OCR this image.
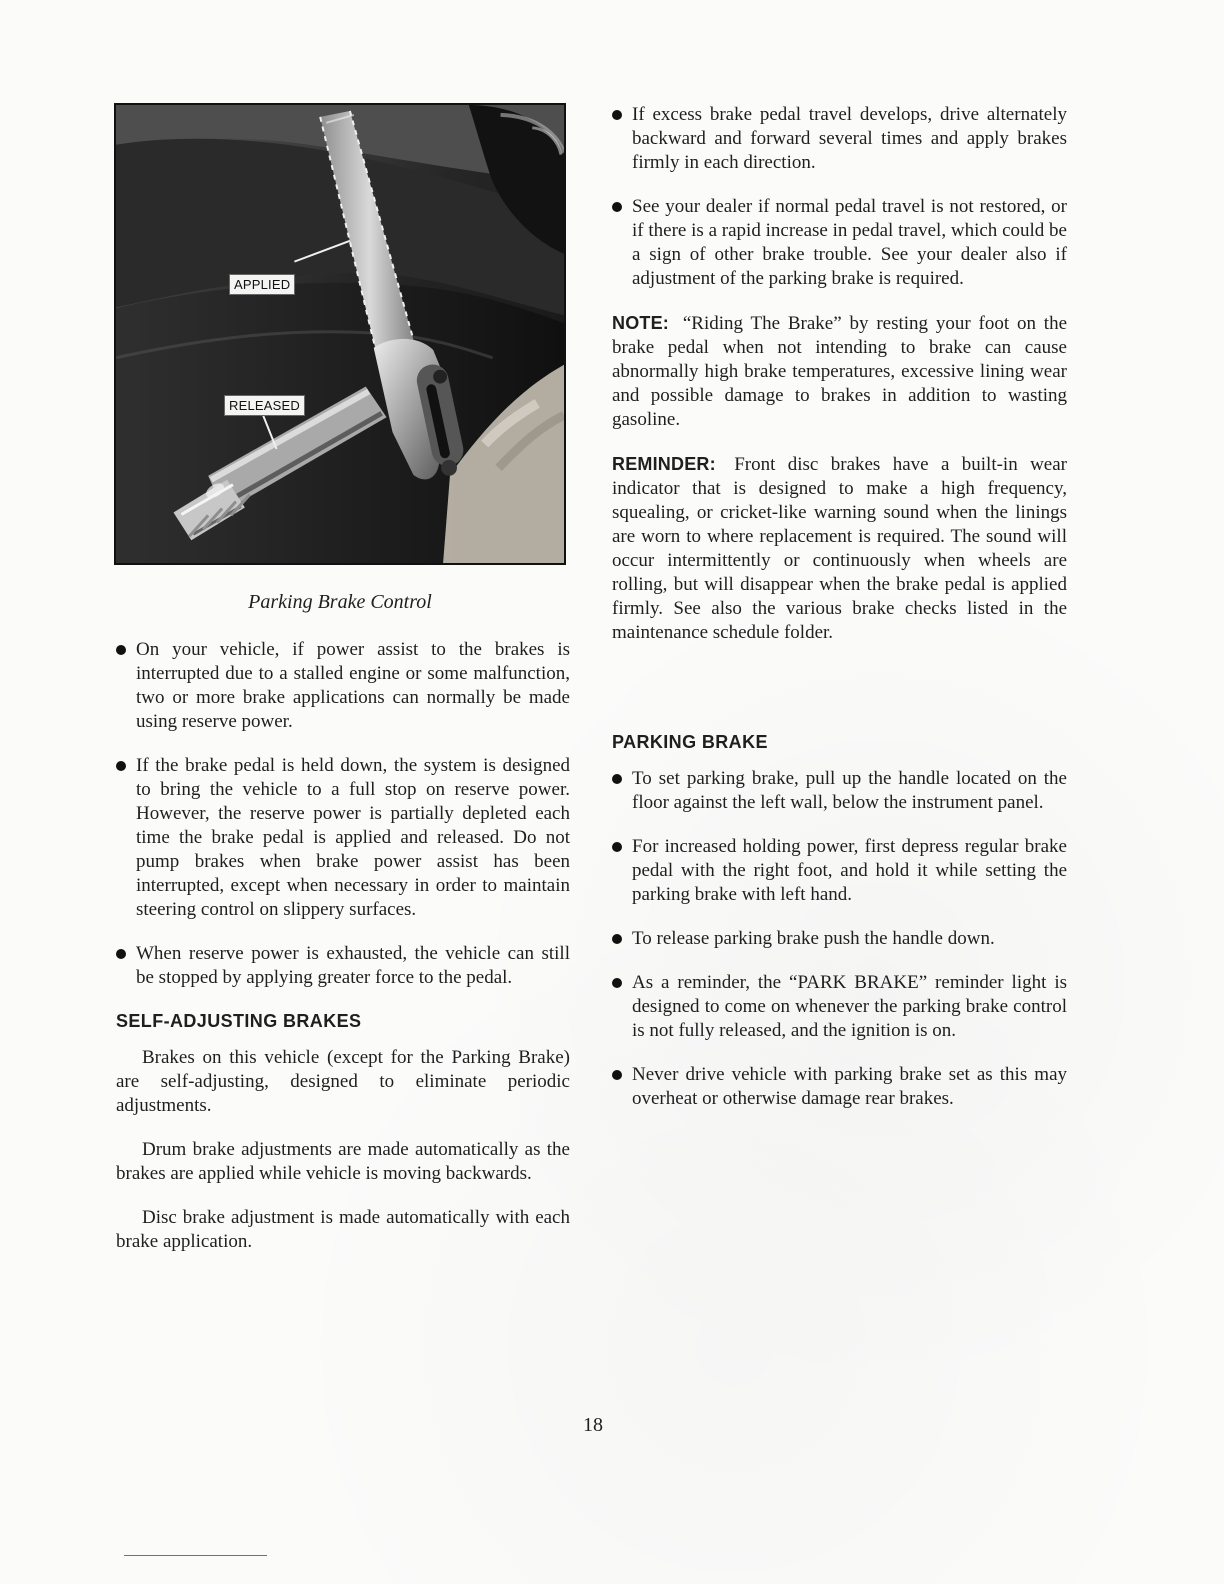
APPLIED
RELEASED
Parking Brake Control
On your vehicle, if power assist to the brakes is interrupted due to a stalled engine or some malfunction, two or more brake applications can normally be made using reserve power.
If the brake pedal is held down, the system is designed to bring the vehicle to a full stop on reserve power. However, the reserve power is partially depleted each time the brake pedal is applied and released. Do not pump brakes when brake power assist has been interrupted, except when necessary in order to maintain steering control on slippery surfaces.
When reserve power is exhausted, the vehicle can still be stopped by applying greater force to the pedal.
SELF-ADJUSTING BRAKES
Brakes on this vehicle (except for the Parking Brake) are self-adjusting, designed to eliminate periodic adjustments.
Drum brake adjustments are made automatically as the brakes are applied while vehicle is moving backwards.
Disc brake adjustment is made automatically with each brake application.
If excess brake pedal travel develops, drive alternately backward and forward several times and apply brakes firmly in each direction.
See your dealer if normal pedal travel is not restored, or if there is a rapid increase in pedal travel, which could be a sign of other brake trouble. See your dealer also if adjustment of the parking brake is required.
NOTE: “Riding The Brake” by resting your foot on the brake pedal when not intending to brake can cause abnormally high brake temperatures, excessive lining wear and possible damage to brakes in addition to wasting gasoline.
REMINDER: Front disc brakes have a built-in wear indicator that is designed to make a high frequency, squealing, or cricket-like warning sound when the linings are worn to where replacement is required. The sound will occur intermittently or continuously when wheels are rolling, but will disappear when the brake pedal is applied firmly. See also the various brake checks listed in the maintenance schedule folder.
PARKING BRAKE
To set parking brake, pull up the handle located on the floor against the left wall, below the instrument panel.
For increased holding power, first depress regular brake pedal with the right foot, and hold it while setting the parking brake with left hand.
To release parking brake push the handle down.
As a reminder, the “PARK BRAKE” reminder light is designed to come on whenever the parking brake control is not fully released, and the ignition is on.
Never drive vehicle with parking brake set as this may overheat or otherwise damage rear brakes.
18
